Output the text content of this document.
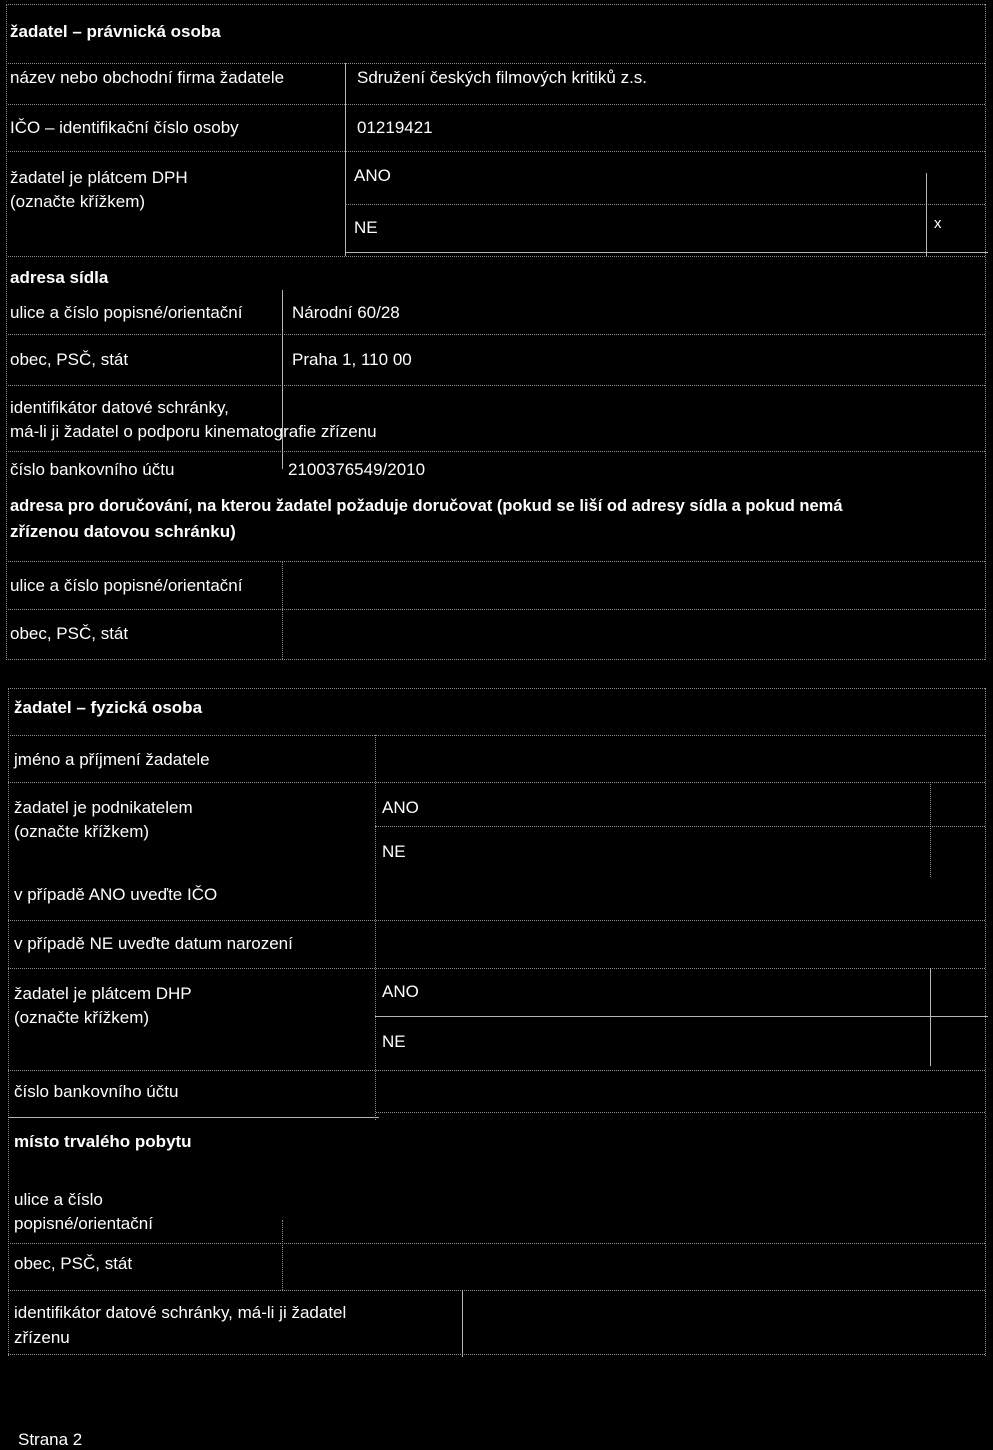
žadatel – právnická osoba
název nebo obchodní firma žadatele	Sdružení českých filmových kritiků z.s.
IČO – identifikační číslo osoby	01219421
žadatel je plátcem DPH
(označte křížkem)
ANO
NE	x
adresa sídla
ulice a číslo popisné/orientační	Národní 60/28
obec, PSČ, stát	Praha 1, 110 00
identifikátor datové schránky,
má-li ji žadatel o podporu kinematografie zřízenu
číslo bankovního účtu	2100376549/2010
adresa pro doručování, na kterou žadatel požaduje doručovat (pokud se liší od adresy sídla a pokud nemá
zřízenou datovou schránku)
ulice a číslo popisné/orientační
obec, PSČ, stát
žadatel – fyzická osoba
jméno a příjmení žadatele
žadatel je podnikatelem
(označte křížkem)
ANO
NE
v případě ANO uveďte IČO
v případě NE uveďte datum narození
žadatel je plátcem DHP
(označte křížkem)
ANO
NE
číslo bankovního účtu
místo trvalého pobytu
ulice a číslo
popisné/orientační
obec, PSČ, stát
identifikátor datové schránky, má-li ji žadatel
zřízenu
Strana 2
